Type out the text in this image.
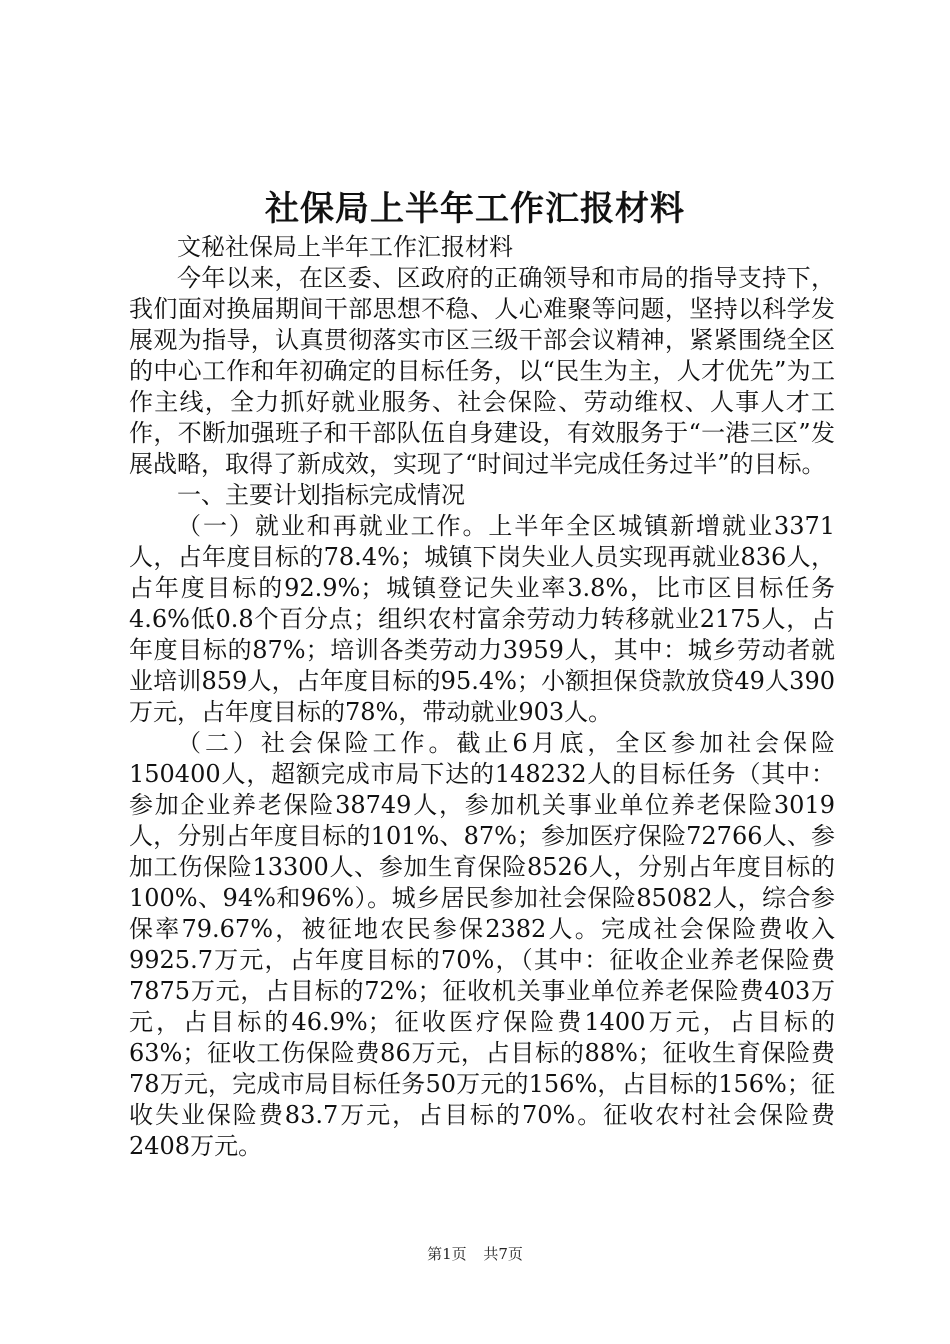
社保局上半年工作汇报材料

文秘社保局上半年工作汇报材料

今年以来，在区委、区政府的正确领导和市局的指导支持下，我们面对换届期间干部思想不稳、人心难聚等问题，坚持以科学发展观为指导，认真贯彻落实市区三级干部会议精神，紧紧围绕全区的中心工作和年初确定的目标任务，以“民生为主，人才优先”为工作主线，全力抓好就业服务、社会保险、劳动维权、人事人才工作，不断加强班子和干部队伍自身建设，有效服务于“一港三区”发展战略，取得了新成效，实现了“时间过半完成任务过半”的目标。

一、主要计划指标完成情况

（一）就业和再就业工作。上半年全区城镇新增就业3371人，占年度目标的78.4%；城镇下岗失业人员实现再就业836人，占年度目标的92.9%；城镇登记失业率3.8%，比市区目标任务4.6%低0.8个百分点；组织农村富余劳动力转移就业2175人，占年度目标的87%；培训各类劳动力3959人，其中：城乡劳动者就业培训859人，占年度目标的95.4%；小额担保贷款放贷49人390万元，占年度目标的78%，带动就业903人。

（二）社会保险工作。截止6月底，全区参加社会保险150400人，超额完成市局下达的148232人的目标任务（其中：参加企业养老保险38749人，参加机关事业单位养老保险3019人，分别占年度目标的101%、87%；参加医疗保险72766人、参加工伤保险13300人、参加生育保险8526人，分别占年度目标的100%、94%和96%）。城乡居民参加社会保险85082人，综合参保率79.67%，被征地农民参保2382人。完成社会保险费收入9925.7万元，占年度目标的70%，（其中：征收企业养老保险费7875万元，占目标的72%；征收机关事业单位养老保险费403万元，占目标的46.9%；征收医疗保险费1400万元，占目标的63%；征收工伤保险费86万元，占目标的88%；征收生育保险费78万元，完成市局目标任务50万元的156%，占目标的156%；征收失业保险费83.7万元，占目标的70%。征收农村社会保险费2408万元。

第1页 共7页
